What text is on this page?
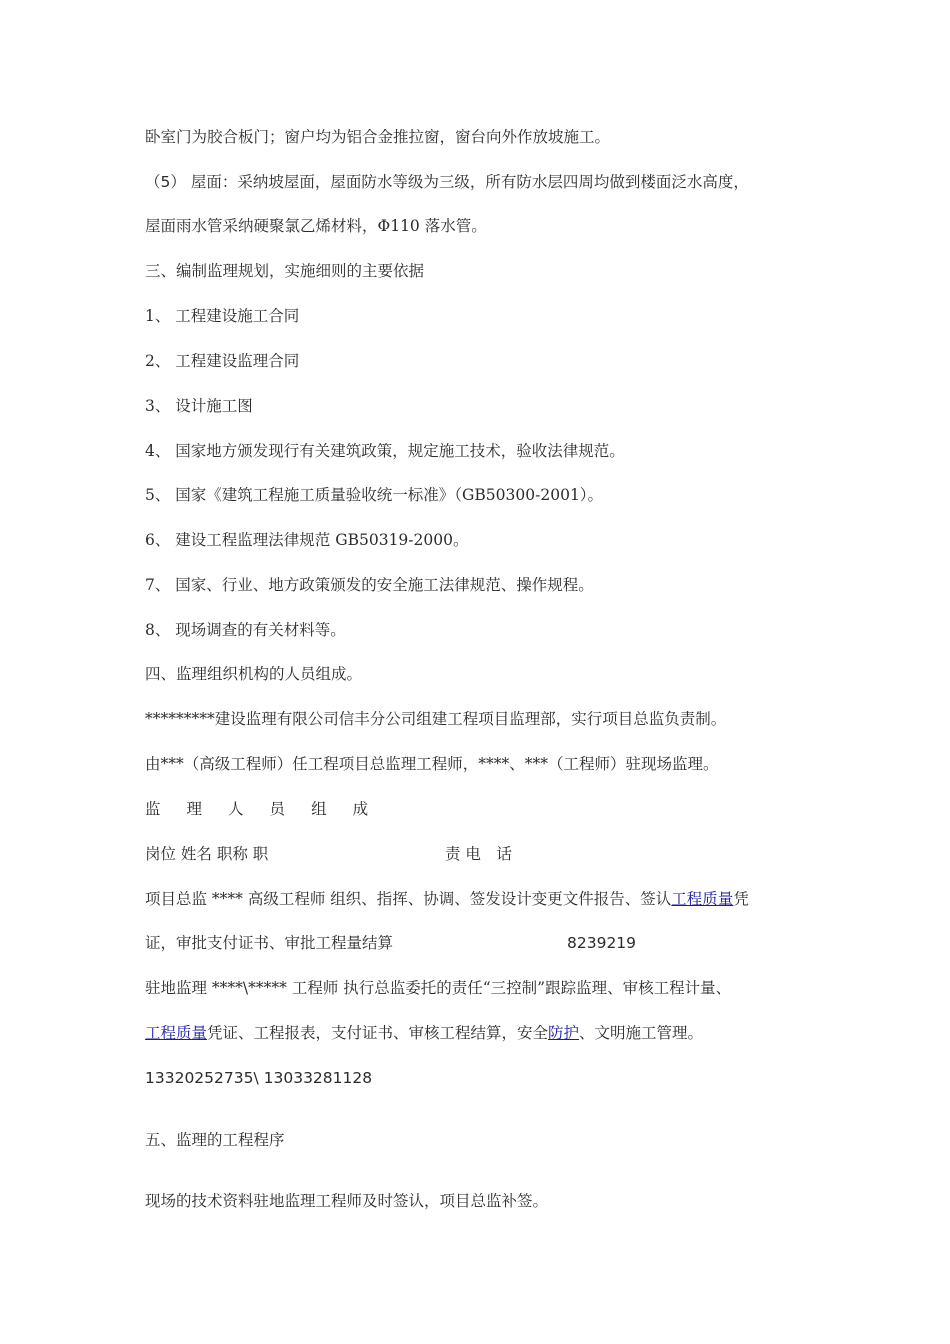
卧室门为胶合板门；窗户均为铝合金推拉窗，窗台向外作放坡施工。
（5） 屋面：采纳坡屋面，屋面防水等级为三级，所有防水层四周均做到楼面泛水高度，
屋面雨水管采纳硬聚氯乙烯材料，Φ110 落水管。
三、编制监理规划，实施细则的主要依据
1、 工程建设施工合同
2、 工程建设监理合同
3、 设计施工图
4、 国家地方颁发现行有关建筑政策，规定施工技术，验收法律规范。
5、 国家《建筑工程施工质量验收统一标准》（GB50300-2001）。
6、 建设工程监理法律规范 GB50319-2000。
7、 国家、行业、地方政策颁发的安全施工法律规范、操作规程。
8、 现场调查的有关材料等。
四、监理组织机构的人员组成。
*********建设监理有限公司信丰分公司组建工程项目监理部，实行项目总监负责制。
由***（高级工程师）任工程项目总监理工程师，****、***（工程师）驻现场监理。
监 理 人 员 组 成
岗位 姓名 职称 职	责 电　话
项目总监 **** 高级工程师 组织、指挥、协调、签发设计变更文件报告、签认工程质量凭
证，审批支付证书、审批工程量结算	8239219
驻地监理 ****\***** 工程师 执行总监委托的责任“三控制”跟踪监理、审核工程计量、
工程质量凭证、工程报表，支付证书、审核工程结算，安全防护、文明施工管理。
13320252735\ 13033281128
五、监理的工程程序
现场的技术资料驻地监理工程师及时签认，项目总监补签。
